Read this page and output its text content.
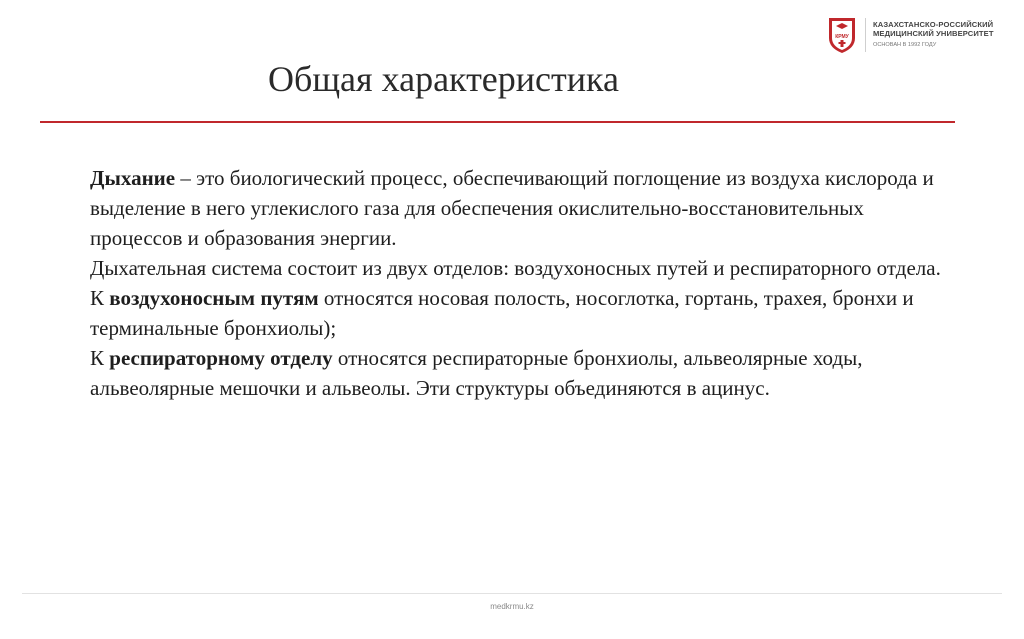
КРМУ
КАЗАХСТАНСКО-РОССИЙСКИЙ
МЕДИЦИНСКИЙ УНИВЕРСИТЕТ
ОСНОВАН В 1992 ГОДУ
Общая характеристика

Дыхание – это биологический процесс, обеспечивающий поглощение из воздуха кислорода и выделение в него углекислого газа для обеспечения окислительно-восстановительных процессов и образования энергии.

Дыхательная система состоит из двух отделов: воздухоносных путей и респираторного отдела.

К воздухоносным путям относятся носовая полость, носоглотка, гортань, трахея, бронхи и терминальные бронхиолы);

К респираторному отделу относятся респираторные бронхиолы, альвеолярные ходы, альвеолярные мешочки и альвеолы. Эти структуры объединяются в ацинус.

medkrmu.kz
